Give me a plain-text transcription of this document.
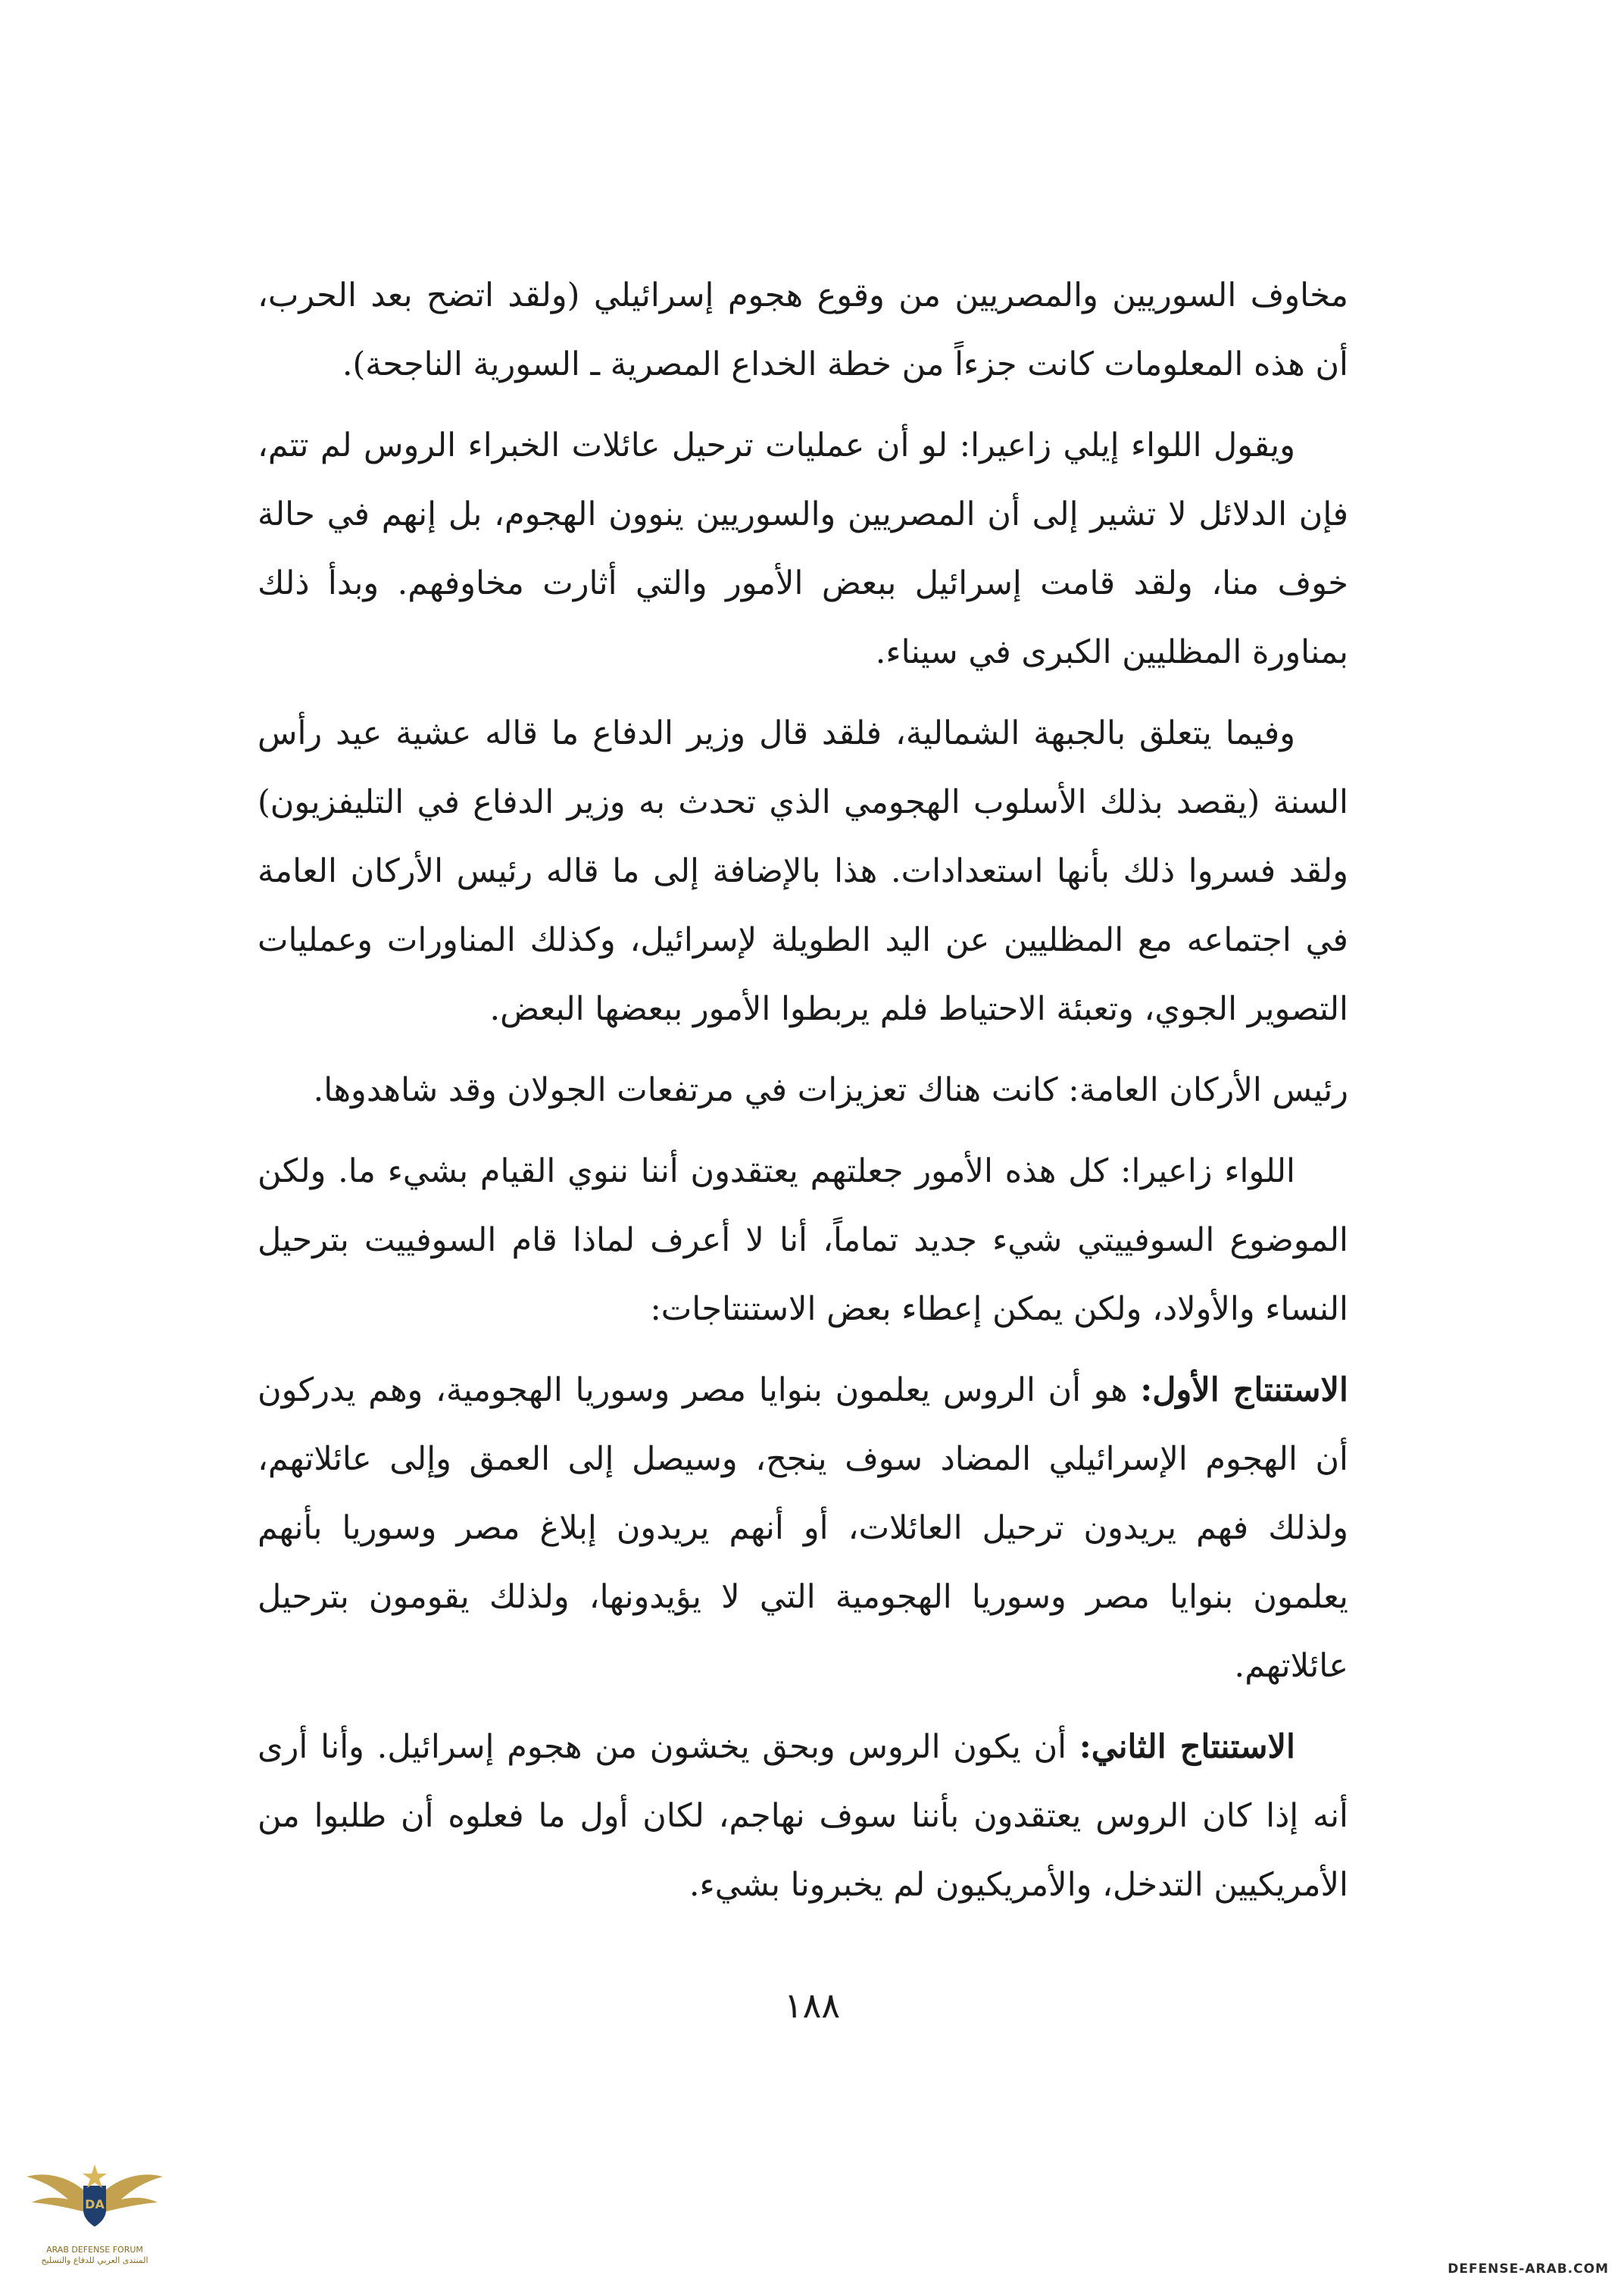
مخاوف السوريين والمصريين من وقوع هجوم إسرائيلي (ولقد اتضح بعد الحرب، أن هذه المعلومات كانت جزءاً من خطة الخداع المصرية ـ السورية الناجحة).

ويقول اللواء إيلي زاعيرا: لو أن عمليات ترحيل عائلات الخبراء الروس لم تتم، فإن الدلائل لا تشير إلى أن المصريين والسوريين ينوون الهجوم، بل إنهم في حالة خوف منا، ولقد قامت إسرائيل ببعض الأمور والتي أثارت مخاوفهم. وبدأ ذلك بمناورة المظليين الكبرى في سيناء.

وفيما يتعلق بالجبهة الشمالية، فلقد قال وزير الدفاع ما قاله عشية عيد رأس السنة (يقصد بذلك الأسلوب الهجومي الذي تحدث به وزير الدفاع في التليفزيون) ولقد فسروا ذلك بأنها استعدادات. هذا بالإضافة إلى ما قاله رئيس الأركان العامة في اجتماعه مع المظليين عن اليد الطويلة لإسرائيل، وكذلك المناورات وعمليات التصوير الجوي، وتعبئة الاحتياط فلم يربطوا الأمور ببعضها البعض.

رئيس الأركان العامة: كانت هناك تعزيزات في مرتفعات الجولان وقد شاهدوها.

اللواء زاعيرا: كل هذه الأمور جعلتهم يعتقدون أننا ننوي القيام بشيء ما. ولكن الموضوع السوفييتي شيء جديد تماماً، أنا لا أعرف لماذا قام السوفييت بترحيل النساء والأولاد، ولكن يمكن إعطاء بعض الاستنتاجات:

الاستنتاج الأول: هو أن الروس يعلمون بنوايا مصر وسوريا الهجومية، وهم يدركون أن الهجوم الإسرائيلي المضاد سوف ينجح، وسيصل إلى العمق وإلى عائلاتهم، ولذلك فهم يريدون ترحيل العائلات، أو أنهم يريدون إبلاغ مصر وسوريا بأنهم يعلمون بنوايا مصر وسوريا الهجومية التي لا يؤيدونها، ولذلك يقومون بترحيل عائلاتهم.

الاستنتاج الثاني: أن يكون الروس وبحق يخشون من هجوم إسرائيل. وأنا أرى أنه إذا كان الروس يعتقدون بأننا سوف نهاجم، لكان أول ما فعلوه أن طلبوا من الأمريكيين التدخل، والأمريكيون لم يخبرونا بشيء.

١٨٨
DA
ARAB DEFENSE FORUM
المنتدى العربي للدفاع والتسليح
DEFENSE-ARAB.COM
